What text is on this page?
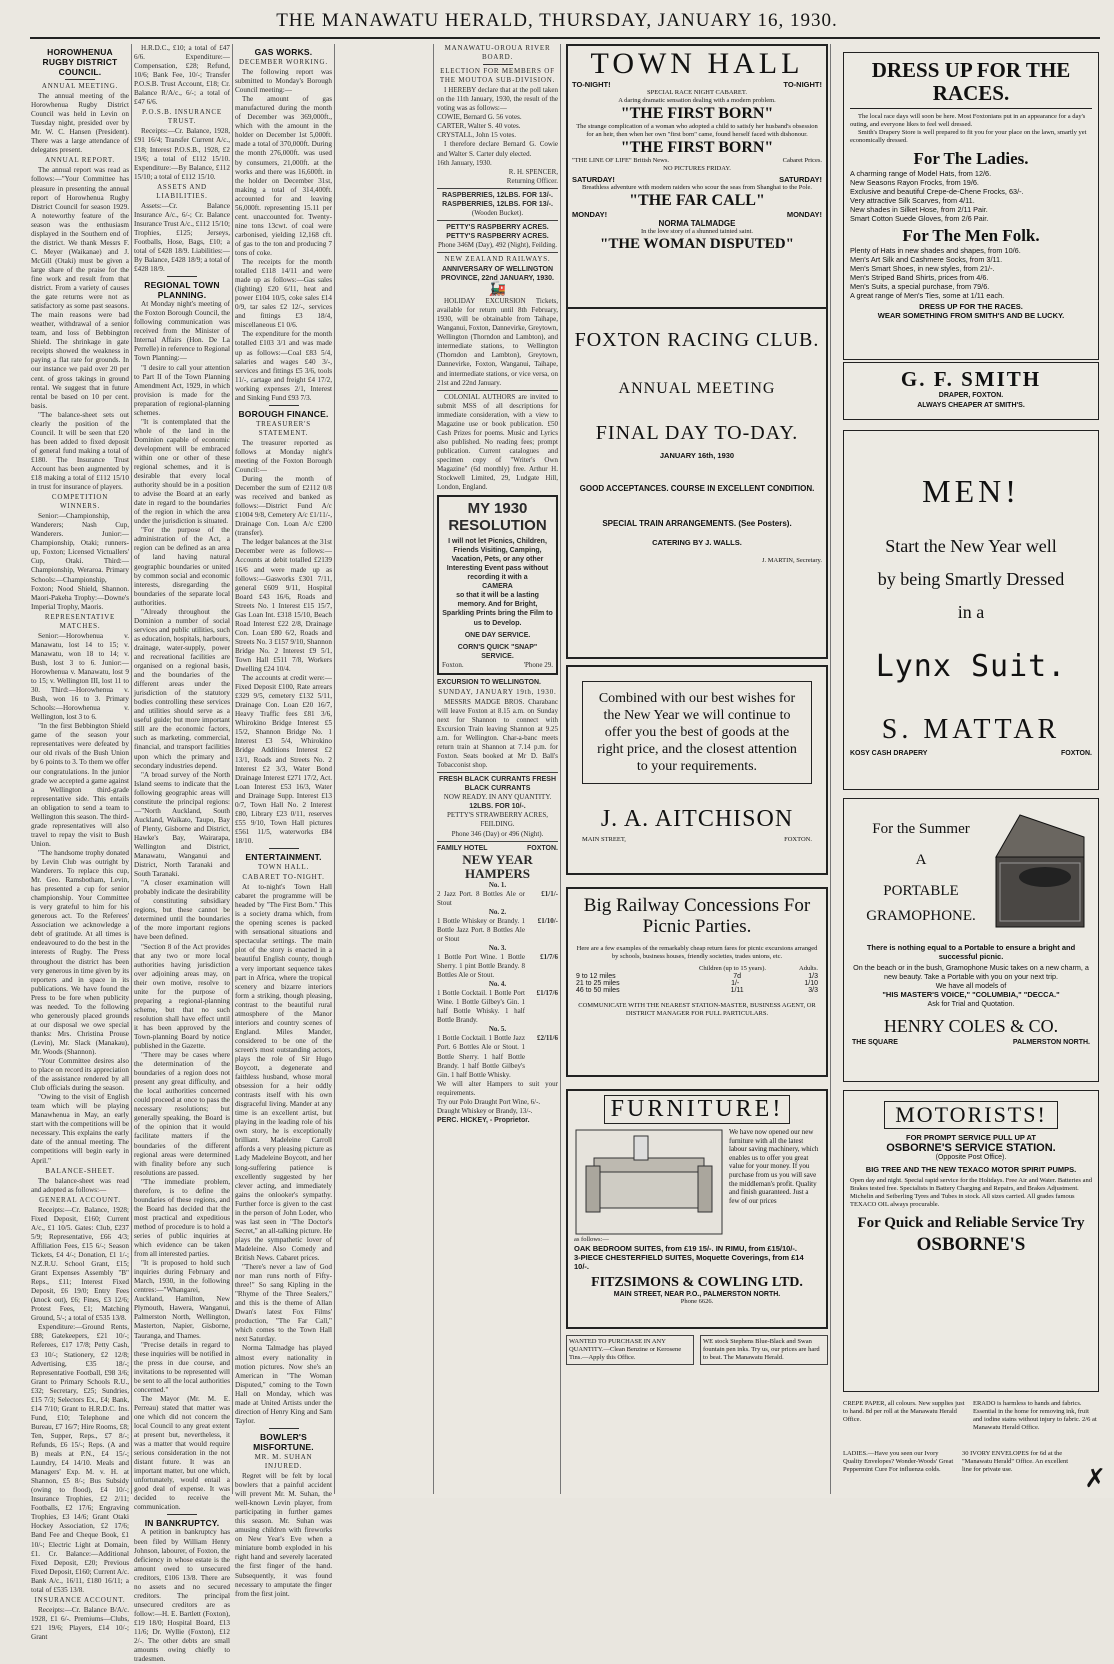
THE MANAWATU HERALD, THURSDAY, JANUARY 16, 1930.
HOROWHENUA RUGBY DISTRICT COUNCIL.
ANNUAL MEETING.

The annual meeting of the Horowhenua Rugby District Council was held in Levin on Tuesday night, presided over by Mr. W. C. Hansen (President). There was a large attendance of delegates present.

ANNUAL REPORT.

The annual report was read as follows:—"Your Committee has pleasure in presenting the annual report of Horowhenua Rugby District Council for season 1929. A noteworthy feature of the season was the enthusiasm displayed in the Southern end of the district. We thank Messrs F. C. Meyer (Waikanae) and J. McGill (Otaki) must be given a large share of the praise for the fine work and result from that district. From a variety of causes the gate returns were not as satisfactory as some past seasons. The main reasons were bad weather, withdrawal of a senior team, and loss of Bebbington Shield. The shrinkage in gate receipts showed the weakness in paying a flat rate for grounds. In our instance we paid over 20 per cent. of gross takings in ground rental. We suggest that in future rental be based on 10 per cent. basis.

"The balance-sheet sets out clearly the position of the Council. It will be seen that £20 has been added to fixed deposit of general fund making a total of £180. The Insurance Trust Account has been augmented by £18 making a total of £112 15/10 in trust for insurance of players.

COMPETITION WINNERS.

Senior:—Championship, Wanderers; Nash Cup, Wanderers. Junior:—Championship, Otaki; runners-up, Foxton; Licensed Victuallers' Cup, Otaki. Third:—Championship, Weraroa. Primary Schools:—Championship, Foxton; Nood Shield, Shannon. Maori-Pakeha Trophy:—Downe's Imperial Trophy, Maoris.

REPRESENTATIVE MATCHES.

Senior:—Horowhenua v. Manawatu, lost 14 to 15; v. Manawatu, won 18 to 14; v. Bush, lost 3 to 6. Junior:—Horowhenua v. Manawatu, lost 9 to 15; v. Wellington III, lost 11 to 30. Third:—Horowhenua v. Bush, won 16 to 3. Primary Schools:—Horowhenua v. Wellington, lost 3 to 6.

"In the first Bebbington Shield game of the season your representatives were defeated by our old rivals of the Bush Union by 6 points to 3. To them we offer our congratulations. In the junior grade we accepted a game against a Wellington third-grade representative side. This entails an obligation to send a team to Wellington this season. The third-grade representatives will also travel to repay the visit to Bush Union.

"The handsome trophy donated by Levin Club was outright by Wanderers. To replace this cup, Mr. Geo. Ramsbotham, Levin, has presented a cup for senior championship. Your Committee is very grateful to him for his generous act. To the Referees' Association we acknowledge a debt of gratitude. At all times is endeavoured to do the best in the interests of Rugby. The Press throughout the district has been very generous in time given by its reporters and in space in its publications. We have found the Press to be fore when publicity was needed. To the following who generously placed grounds at our disposal we owe special thanks: Mrs. Christina Prouse (Levin), Mr. Slack (Manakau), Mr. Woods (Shannon).

"Your Committee desires also to place on record its appreciation of the assistance rendered by all Club officials during the season.

"Owing to the visit of English team which will be playing Manawhenua in May, an early start with the competitions will be necessary. This explains the early date of the annual meeting. The competitions will begin early in April."

BALANCE-SHEET.

The balance-sheet was read and adopted as follows:—

GENERAL ACCOUNT.

Receipts:—Cr. Balance, 1928; Fixed Deposit, £160; Current A/c., £1 10/5. Gates: Club, £237 5/9; Representative, £66 4/3; Affiliation Fees, £15 6/-; Season Tickets, £4 4/-; Donation, £1 1/-; N.Z.R.U. School Grant, £15; Grant Expenses Assembly "B" Reps., £11; Interest Fixed Deposit, £6 19/0; Entry Fees (knock out), £6; Fines, £3 12/6; Protest Fees, £1; Matching Ground, 5/-; a total of £535 13/8.

Expenditure:—Ground Rents, £88; Gatekeepers, £21 10/-; Referees, £17 17/8; Petty Cash, £3 10/-; Stationery, £2 12/8; Advertising, £35 18/-; Representative Football, £98 3/6; Grant to Primary Schools R.U., £32; Secretary, £25; Sundries, £15 7/3; Selectors Ex., £4; Bank, £14 7/10; Grant to H.R.D.C. Ins. Fund, £10; Telephone and Bureau, £7 16/7; Hire Rooms, £8; Ten, Supper, Reps., £7 8/-; Refunds, £6 15/-; Reps. (A and B) meals at P.N., £4 15/-; Laundry, £4 14/10. Meals and Managers' Exp. M. v. H. at Shannon, £5 8/-; Bus Subsidy (owing to flood), £4 10/-; Insurance Trophies, £2 2/11; Footballs, £2 17/6; Engraving Trophies, £3 14/6; Grant Otaki Hockey Association, £2 17/6; Band Fee and Cheque Book, £1 10/-; Electric Light at Domain, £1. Cr. Balance:—Additional Fixed Deposit, £20; Previous Fixed Deposit, £160; Current A/c. Bank A/c., 16/11, £180 16/11; a total of £535 13/8.

INSURANCE ACCOUNT.

Receipts:—Cr. Balance B/A/c. 1928, £1 6/-. Premiums—Clubs, £21 19/6; Players, £14 10/-; Grant

H.R.D.C., £10; a total of £47 6/6. Expenditure:—Compensation, £28; Refund, 10/6; Bank Fee, 10/-; Transfer P.O.S.B. Trust Account, £18; Cr. Balance R/A/c., 6/-; a total of £47 6/6.

P.O.S.B. INSURANCE TRUST.

Receipts:—Cr. Balance, 1928, £91 16/4; Transfer Current A/c., £18; Interest P.O.S.B., 1928, £2 19/6; a total of £112 15/10. Expenditure:—By Balance, £112 15/10; a total of £112 15/10.

ASSETS AND LIABILITIES.

Assets:—Cr. Balance Insurance A/c., 6/-; Cr. Balance Insurance Trust A/c., £112 15/10; Trophies, £125; Jerseys, Footballs, Hose, Bags, £10; a total of £428 18/9. Liabilities:—By Balance, £428 18/9; a total of £428 18/9.

REGIONAL TOWN PLANNING.

At Monday night's meeting of the Foxton Borough Council, the following communication was received from the Minister of Internal Affairs (Hon. De La Perrelle) in reference to Regional Town Planning:—

"I desire to call your attention to Part II of the Town Planning Amendment Act, 1929, in which provision is made for the preparation of regional-planning schemes.

"It is contemplated that the whole of the land in the Dominion capable of economic development will be embraced within one or other of these regional schemes, and it is desirable that every local authority should be in a position to advise the Board at an early date in regard to the boundaries of the region in which the area under the jurisdiction is situated.

"For the purpose of the administration of the Act, a region can be defined as an area of land having natural geographic boundaries or united by common social and economic interests, disregarding the boundaries of the separate local authorities.

"Already throughout the Dominion a number of social services and public utilities, such as education, hospitals, harbours, drainage, water-supply, power and recreational facilities are organised on a regional basis, and the boundaries of the different areas under the jurisdiction of the statutory bodies controlling these services and utilities should serve as a useful guide; but more important still are the economic factors, such as marketing, commercial, financial, and transport facilities upon which the primary and secondary industries depend.

"A broad survey of the North Island seems to indicate that the following geographic areas will constitute the principal regions:—"North Auckland, South Auckland, Waikato, Taupo, Bay of Plenty, Gisborne and District, Hawke's Bay, Wairarapa, Wellington and District, Manawatu, Wanganui and District, North Taranaki and South Taranaki.

"A closer examination will probably indicate the desirability of constituting subsidiary regions, but these cannot be determined until the boundaries of the more important regions have been defined.

"Section 8 of the Act provides that any two or more local authorities having jurisdiction over adjoining areas may, on their own motive, resolve to unite for the purpose of preparing a regional-planning scheme, but that no such resolution shall have effect until it has been approved by the Town-planning Board by notice published in the Gazette.

"There may be cases where the determination of the boundaries of a region does not present any great difficulty, and the local authorities concerned could proceed at once to pass the necessary resolutions; but generally speaking, the Board is of the opinion that it would facilitate matters if the boundaries of the different regional areas were determined with finality before any such resolutions are passed.

"The immediate problem, therefore, is to define the boundaries of these regions, and the Board has decided that the most practical and expeditious method of procedure is to hold a series of public inquiries at which evidence can be taken from all interested parties.

"It is proposed to hold such inquiries during February and March, 1930, in the following centres:—"Whangarei, Auckland, Hamilton, New Plymouth, Hawera, Wanganui, Palmerston North, Wellington, Masterton, Napier, Gisborne, Tauranga, and Thames.

"Precise details in regard to these inquiries will be notified in the press in due course, and invitations to be represented will be sent to all the local authorities concerned."

The Mayor (Mr. M. E. Perreau) stated that matter was one which did not concern the local Council to any great extent at present but, nevertheless, it was a matter that would require serious consideration in the not distant future. It was an important matter, but one which, unfortunately, would entail a good deal of expense. It was decided to receive the communication.

IN BANKRUPTCY.

A petition in bankruptcy has been filed by William Henry Johnson, labourer, of Foxton, the deficiency in whose estate is the amount owed to unsecured creditors, £106 13/8. There are no assets and no secured creditors. The principal unsecured creditors are as follow:—H. E. Bartlett (Foxton), £19 18/0; Hospital Board, £13 11/6; Dr. Wyllie (Foxton), £12 2/-. The other debts are small amounts owing chiefly to tradesmen.

GAS WORKS.
DECEMBER WORKING.

The following report was submitted to Monday's Borough Council meeting:—

The amount of gas manufactured during the month of December was 369,000ft., which with the amount in the holder on December 1st 5,000ft. made a total of 370,000ft. During the month 276,000ft. was used by consumers, 21,000ft. at the works and there was 16,600ft. in the holder on December 31st, making a total of 314,400ft. accounted for and leaving 56,000ft. representing 15.11 per cent. unaccounted for. Twenty-nine tons 13cwt. of coal were carbonised, yielding 12,168 cft. of gas to the ton and producing 7 tons of coke.

The receipts for the month totalled £118 14/11 and were made up as follows:—Gas sales (lighting) £20 6/11, heat and power £104 10/5, coke sales £14 0/9, tar sales £2 12/-, services and fittings £3 18/4, miscellaneous £1 0/6.

The expenditure for the month totalled £103 3/1 and was made up as follows:—Coal £83 5/4, salaries and wages £40 3/-, services and fittings £5 3/6, tools 11/-, cartage and freight £4 17/2, working expenses 2/1, Interest and Sinking Fund £93 7/3.

BOROUGH FINANCE.
TREASURER'S STATEMENT.

The treasurer reported as follows at Monday night's meeting of the Foxton Borough Council:—

During the month of December the sum of £2112 0/8 was received and banked as follows:—District Fund A/c £1004 9/8, Cemetery A/c £1/11/-, Drainage Con. Loan A/c £200 (transfer).

The ledger balances at the 31st December were as follows:—Accounts at debit totalled £2139 16/6 and were made up as follows:—Gasworks £301 7/11, general £609 9/11, Hospital Board £43 16/6, Roads and Streets No. 1 Interest £15 15/7, Gas Loan Int. £318 15/10, Beach Road Interest £22 2/8, Drainage Con. Loan £80 6/2, Roads and Streets No. 3 £157 9/10, Shannon Bridge No. 2 Interest £9 5/1, Town Hall £511 7/8, Workers Dwelling £24 10/4.

The accounts at credit were:—Fixed Deposit £100, Rate arrears £329 9/5, cemetery £132 5/11, Drainage Con. Loan £20 16/7, Heavy Traffic fees £81 3/6, Whirokino Bridge Interest £5 15/2, Shannon Bridge No. 1 Interest £3 5/4, Whirokino Bridge Additions Interest £2 13/1, Roads and Streets No. 2 Interest £2 3/3, Water Bond Drainage Interest £271 17/2, Act. Loan Interest £53 16/3, Water and Drainage Supp. Interest £13 0/7, Town Hall No. 2 Interest £80, Library £23 0/11, reserves £55 9/10, Town Hall pictures £561 11/5, waterworks £84 18/10.

ENTERTAINMENT.
TOWN HALL.
CABARET TO-NIGHT.

At to-night's Town Hall cabaret the programme will be headed by "The First Born." This is a society drama which, from the opening scenes is packed with sensational situations and spectacular settings. The main plot of the story is enacted in a beautiful English county, though a very important sequence takes part in Africa, where the tropical scenery and bizarre interiors form a striking, though pleasing, contrast to the beautiful rural atmosphere of the Manor interiors and country scenes of England. Miles Mander, considered to be one of the screen's most outstanding actors, plays the role of Sir Hugo Boycott, a degenerate and faithless husband, whose moral obsession for a heir oddly contrasts itself with his own disgraceful living. Mander at any time is an excellent artist, but playing in the leading role of his own story, he is exceptionally brilliant. Madeleine Carroll affords a very pleasing picture as Lady Madeleine Boycott, and her long-suffering patience is excellently suggested by her clever acting, and immediately gains the onlooker's sympathy. Further force is given to the cast in the person of John Loder, who was last seen in "The Doctor's Secret," an all-talking picture. He plays the sympathetic lover of Madeleine. Also Comedy and British News. Cabaret prices.

"There's never a law of God nor man runs north of Fifty-three!" So sang Kipling in the "Rhyme of the Three Sealers," and this is the theme of Allan Dwan's latest Fox Films' production, "The Far Call," which comes to the Town Hall next Saturday.

Norma Talmadge has played almost every nationality in motion pictures. Now she's an American in "The Woman Disputed," coming to the Town Hall on Monday, which was made at United Artists under the direction of Henry King and Sam Taylor.

BOWLER'S MISFORTUNE.
MR. M. SUHAN INJURED.

Regret will be felt by local bowlers that a painful accident will prevent Mr. M. Suhan, the well-known Levin player, from participating in further games this season. Mr. Suhan was amusing children with fireworks on New Year's Eve when a miniature bomb exploded in his right hand and severely lacerated the first finger of the hand. Subsequently, it was found necessary to amputate the finger from the first joint.

MANAWATU-OROUA RIVER BOARD.
ELECTION FOR MEMBERS OF THE MOUTOA SUB-DIVISION.

I HEREBY declare that at the poll taken on the 11th January, 1930, the result of the voting was as follows:—

COWIE, Bernard G. 56 votes.
CARTER, Walter S. 40 votes.
CRYSTALL, John 15 votes.

I therefore declare Bernard G. Cowie and Walter S. Carter duly elected.

16th January, 1930.
R. H. SPENCER,
Returning Officer.
RASPBERRIES, 12LBS. FOR 13/-. RASPBERRIES, 12LBS. FOR 13/-.
(Wooden Bucket).
PETTY'S RASPBERRY ACRES. PETTY'S RASPBERRY ACRES.
Phone 346M (Day), 492 (Night), Feilding.
NEW ZEALAND RAILWAYS.
ANNIVERSARY OF WELLINGTON PROVINCE, 22nd JANUARY, 1930.
🚂

HOLIDAY EXCURSION Tickets, available for return until 8th February, 1930, will be obtainable from Taihape, Wanganui, Foxton, Dannevirke, Greytown, Wellington (Thorndon and Lambton), and intermediate stations, to Wellington (Thorndon and Lambton), Greytown, Dannevirke, Foxton, Wanganui, Taihape, and intermediate stations, or vice versa, on 21st and 22nd January.

COLONIAL AUTHORS are invited to submit MSS of all descriptions for immediate consideration, with a view to Magazine use or book publication. £50 Cash Prizes for poems. Music and Lyrics also published. No reading fees; prompt publication. Current catalogues and specimen copy of "Writer's Own Magazine" (6d monthly) free. Arthur H. Stockwell Limited, 29, Ludgate Hill, London, England.

MY 1930 RESOLUTION
I will not let Picnics, Children, Friends Visiting, Camping, Vacation, Pets, or any other Interesting Event pass without recording it with a
CAMERA
so that it will be a lasting memory. And for Bright, Sparkling Prints bring the Film to us to Develop.
ONE DAY SERVICE.
CORN'S QUICK "SNAP" SERVICE.
Foxton.	'Phone 29.
EXCURSION TO WELLINGTON.
SUNDAY, JANUARY 19th, 1930.

MESSRS MADGE BROS. Charabanc will leave Foxton at 8.15 a.m. on Sunday next for Shannon to connect with Excursion Train leaving Shannon at 9.25 a.m. for Wellington. Char-a-banc meets return train at Shannon at 7.14 p.m. for Foxton. Seats booked at Mr D. Ball's Tobacconist shop.

FRESH BLACK CURRANTS FRESH BLACK CURRANTS
NOW READY. IN ANY QUANTITY.
12LBS. FOR 10/-.
PETTY'S STRAWBERRY ACRES, FEILDING.
Phone 346 (Day) or 496 (Night).
FAMILY HOTEL	FOXTON.
NEW YEAR HAMPERS
No. 1.
2 Jazz Port. 8 Bottles Ale or Stout
£1/1/-
No. 2.
1 Bottle Whiskey or Brandy. 1 Bottle Jazz Port. 8 Bottles Ale or Stout
£1/10/-
No. 3.
1 Bottle Port Wine. 1 Bottle Sherry. 1 pint Bottle Brandy. 8 Bottles Ale or Stout.
£1/7/6
No. 4.
1 Bottle Cocktail. 1 Bottle Port Wine. 1 Bottle Gilbey's Gin. 1 half Bottle Whisky. 1 half Bottle Brandy.
£1/17/6
No. 5.
1 Bottle Cocktail. 1 Bottle Jazz Port. 6 Bottles Ale or Stout. 1 Bottle Sherry. 1 half Bottle Brandy. 1 half Bottle Gilbey's Gin. 1 half Bottle Whisky.
£2/11/6
We will alter Hampers to suit your requirements.
Try our Polo Draught Port Wine, 6/-.
Draught Whiskey or Brandy, 13/-.
PERC. HICKEY, - Proprietor.
TOWN HALL
TO-NIGHT!	TO-NIGHT!
SPECIAL RACE NIGHT CABARET.
A daring dramatic sensation dealing with a modern problem.
"THE FIRST BORN"
The strange complication of a woman who adopted a child to satisfy her husband's obsession for an heir, then when her own "first born" came, found herself faced with dishonour.
"THE FIRST BORN"
"THE LINE OF LIFE" British News.	Cabaret Prices.
NO PICTURES FRIDAY.
SATURDAY!	SATURDAY!
Breathless adventure with modern raiders who scour the seas from Shanghai to the Pole.
"THE FAR CALL"
MONDAY!	MONDAY!
NORMA TALMADGE
In the love story of a shunned tainted saint.
"THE WOMAN DISPUTED"
FOXTON RACING CLUB.
ANNUAL MEETING
FINAL DAY TO-DAY.
JANUARY 16th, 1930
GOOD ACCEPTANCES. COURSE IN EXCELLENT CONDITION.
SPECIAL TRAIN ARRANGEMENTS. (See Posters).
CATERING BY J. WALLS.
J. MARTIN, Secretary.
Combined with our best wishes for the New Year we will continue to offer you the best of goods at the right price, and the closest attention to your requirements.
J. A. AITCHISON
MAIN STREET,	FOXTON.
Big Railway Concessions For Picnic Parties.
Here are a few examples of the remarkably cheap return fares for picnic excursions arranged by schools, business houses, friendly societies, trades unions, etc.
Children (up to 15 years).	Adults.
9 to 12 miles	7d	1/3
21 to 25 miles	1/-	1/10
46 to 50 miles	1/11	3/3
COMMUNICATE WITH THE NEAREST STATION-MASTER, BUSINESS AGENT, OR DISTRICT MANAGER FOR FULL PARTICULARS.
FURNITURE!
We have now opened our new furniture with all the latest labour saving machinery, which enables us to offer you great value for your money. If you purchase from us you will save the middleman's profit. Quality and finish guaranteed. Just a few of our prices
as follows:—
OAK BEDROOM SUITES, from £19 15/-. IN RIMU, from £15/10/-.
3-PIECE CHESTERFIELD SUITES, Moquette Coverings, from £14 10/-.
FITZSIMONS & COWLING LTD.
MAIN STREET, NEAR P.O., PALMERSTON NORTH.
Phone 6626.
WANTED TO PURCHASE IN ANY QUANTITY.—Clean Benzine or Kerosene Tins.—Apply this Office.
WE stock Stephens Blue-Black and Swan fountain pen inks. Try us, our prices are hard to beat. The Manawatu Herald.
DRESS UP FOR THE RACES.
The local race days will soon be here. Most Foxtonians put in an appearance for a day's outing, and everyone likes to feel well dressed.
Smith's Drapery Store is well prepared to fit you for your place on the lawn, smartly yet economically dressed.
For The Ladies.
A charming range of Model Hats, from 12/6.
New Seasons Rayon Frocks, from 19/6.
Exclusive and beautiful Crepe-de-Chene Frocks, 63/-.
Very attractive Silk Scarves, from 4/11.
New shades in Silket Hose, from 2/11 Pair.
Smart Cotton Suede Gloves, from 2/6 Pair.
For The Men Folk.
Plenty of Hats in new shades and shapes, from 10/6.
Men's Art Silk and Cashmere Socks, from 3/11.
Men's Smart Shoes, in new styles, from 21/-.
Men's Striped Band Shirts, prices from 4/6.
Men's Suits, a special purchase, from 79/6.
A great range of Men's Ties, some at 1/11 each.
DRESS UP FOR THE RACES.
WEAR SOMETHING FROM SMITH'S AND BE LUCKY.
G. F. SMITH
DRAPER, FOXTON.
ALWAYS CHEAPER AT SMITH'S.
MEN!
Start the New Year well
by being Smartly Dressed
in a
Lynx Suit.
S. MATTAR
KOSY CASH DRAPERY	FOXTON.
For the Summer
A
PORTABLE
GRAMOPHONE.
There is nothing equal to a Portable to ensure a bright and successful picnic.
On the beach or in the bush, Gramophone Music takes on a new charm, a new beauty. Take a Portable with you on your next trip.
We have all models of
"HIS MASTER'S VOICE," "COLUMBIA," "DECCA."
Ask for Trial and Quotation.
HENRY COLES & CO.
THE SQUARE	PALMERSTON NORTH.
MOTORISTS!
FOR PROMPT SERVICE PULL UP AT
OSBORNE'S SERVICE STATION.
(Opposite Post Office).
BIG TREE AND THE NEW TEXACO MOTOR SPIRIT PUMPS.
Open day and night. Special rapid service for the Holidays. Free Air and Water. Batteries and Brakes tested free. Specialists in Battery Charging and Repairs, and Brakes Adjustment. Michelin and Seiberling Tyres and Tubes in stock. All sizes carried. All grades famous TEXACO OIL always procurable.
For Quick and Reliable Service Try
OSBORNE'S
CREPE PAPER, all colours. New supplies just to hand. 8d per roll at the Manawatu Herald Office.
ERADO is harmless to hands and fabrics. Essential in the home for removing ink, fruit and iodine stains without injury to fabric. 2/6 at Manawatu Herald Office.
LADIES.—Have you seen our Ivory Quality Envelopes? Wonder-Woods' Great Peppermint Cure For influenza colds.
30 IVORY ENVELOPES for 6d at the "Manawatu Herald" Office. An excellent line for private use.	✗
